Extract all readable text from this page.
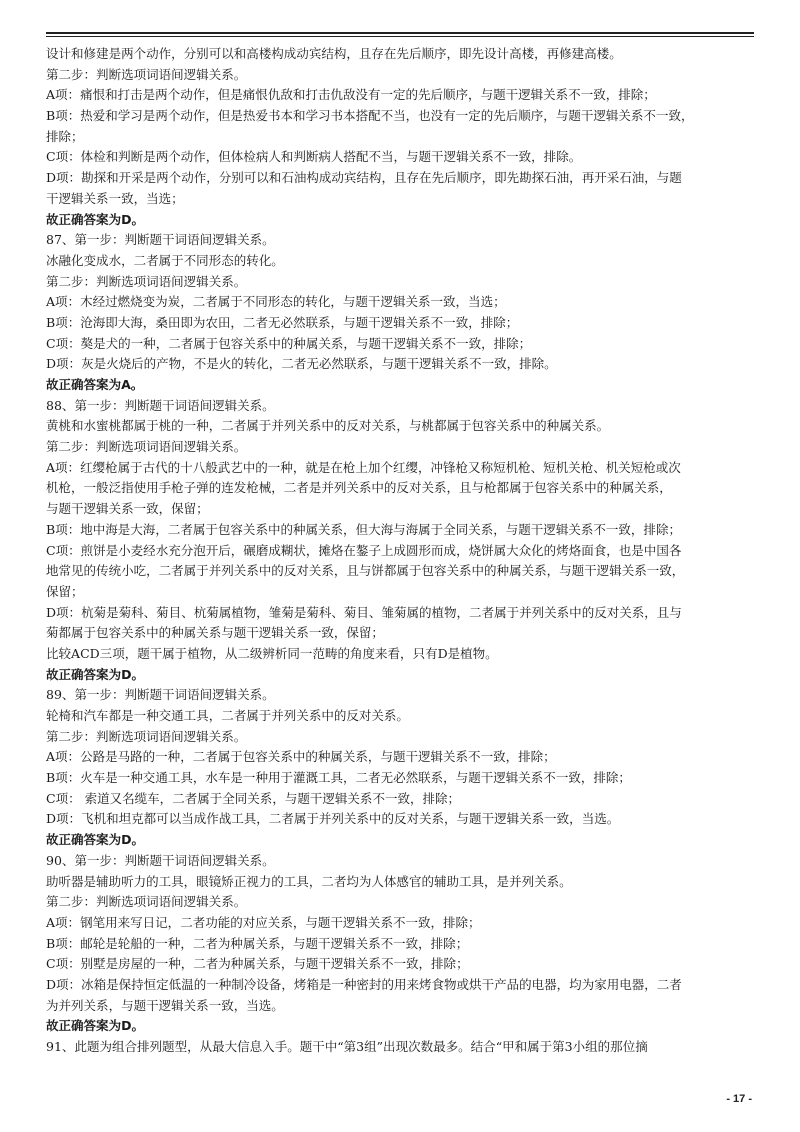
设计和修建是两个动作，分别可以和高楼构成动宾结构，且存在先后顺序，即先设计高楼，再修建高楼。
第二步：判断选项词语间逻辑关系。
A项：痛恨和打击是两个动作，但是痛恨仇敌和打击仇敌没有一定的先后顺序，与题干逻辑关系不一致，排除；
B项：热爱和学习是两个动作，但是热爱书本和学习书本搭配不当，也没有一定的先后顺序，与题干逻辑关系不一致，
排除；
C项：体检和判断是两个动作，但体检病人和判断病人搭配不当，与题干逻辑关系不一致，排除。
D项：勘探和开采是两个动作，分别可以和石油构成动宾结构，且存在先后顺序，即先勘探石油，再开采石油，与题
干逻辑关系一致，当选；
故正确答案为D。
87、第一步：判断题干词语间逻辑关系。
冰融化变成水，二者属于不同形态的转化。
第二步：判断选项词语间逻辑关系。
A项：木经过燃烧变为炭，二者属于不同形态的转化，与题干逻辑关系一致，当选；
B项：沧海即大海，桑田即为农田，二者无必然联系，与题干逻辑关系不一致，排除；
C项：獒是犬的一种，二者属于包容关系中的种属关系，与题干逻辑关系不一致，排除；
D项：灰是火烧后的产物，不是火的转化，二者无必然联系，与题干逻辑关系不一致，排除。
故正确答案为A。
88、第一步：判断题干词语间逻辑关系。
黄桃和水蜜桃都属于桃的一种，二者属于并列关系中的反对关系，与桃都属于包容关系中的种属关系。
第二步：判断选项词语间逻辑关系。
A项：红缨枪属于古代的十八般武艺中的一种，就是在枪上加个红缨，冲锋枪又称短机枪、短机关枪、机关短枪或次
机枪，一般泛指使用手枪子弹的连发枪械，二者是并列关系中的反对关系，且与枪都属于包容关系中的种属关系，
与题干逻辑关系一致，保留；
B项：地中海是大海，二者属于包容关系中的种属关系，但大海与海属于全同关系，与题干逻辑关系不一致，排除；
C项：煎饼是小麦经水充分泡开后，碾磨成糊状，摊烙在鏊子上成圆形而成，烧饼属大众化的烤烙面食，也是中国各
地常见的传统小吃，二者属于并列关系中的反对关系，且与饼都属于包容关系中的种属关系，与题干逻辑关系一致，
保留；
D项：杭菊是菊科、菊目、杭菊属植物，雏菊是菊科、菊目、雏菊属的植物，二者属于并列关系中的反对关系，且与
菊都属于包容关系中的种属关系与题干逻辑关系一致，保留；
比较ACD三项，题干属于植物，从二级辨析同一范畴的角度来看，只有D是植物。
故正确答案为D。
89、第一步：判断题干词语间逻辑关系。
轮椅和汽车都是一种交通工具，二者属于并列关系中的反对关系。
第二步：判断选项词语间逻辑关系。
A项：公路是马路的一种，二者属于包容关系中的种属关系，与题干逻辑关系不一致，排除；
B项：火车是一种交通工具，水车是一种用于灌溉工具，二者无必然联系，与题干逻辑关系不一致，排除；
C项： 索道又名缆车，二者属于全同关系，与题干逻辑关系不一致，排除；
D项：飞机和坦克都可以当成作战工具，二者属于并列关系中的反对关系，与题干逻辑关系一致，当选。
故正确答案为D。
90、第一步：判断题干词语间逻辑关系。
助听器是辅助听力的工具，眼镜矫正视力的工具，二者均为人体感官的辅助工具，是并列关系。
第二步：判断选项词语间逻辑关系。
A项：钢笔用来写日记，二者功能的对应关系，与题干逻辑关系不一致，排除；
B项：邮轮是轮船的一种，二者为种属关系，与题干逻辑关系不一致，排除；
C项：别墅是房屋的一种，二者为种属关系，与题干逻辑关系不一致，排除；
D项：冰箱是保持恒定低温的一种制冷设备，烤箱是一种密封的用来烤食物或烘干产品的电器，均为家用电器，二者
为并列关系，与题干逻辑关系一致，当选。
故正确答案为D。
91、此题为组合排列题型，从最大信息入手。题干中“第3组”出现次数最多。结合“甲和属于第3小组的那位摘
- 17 -
